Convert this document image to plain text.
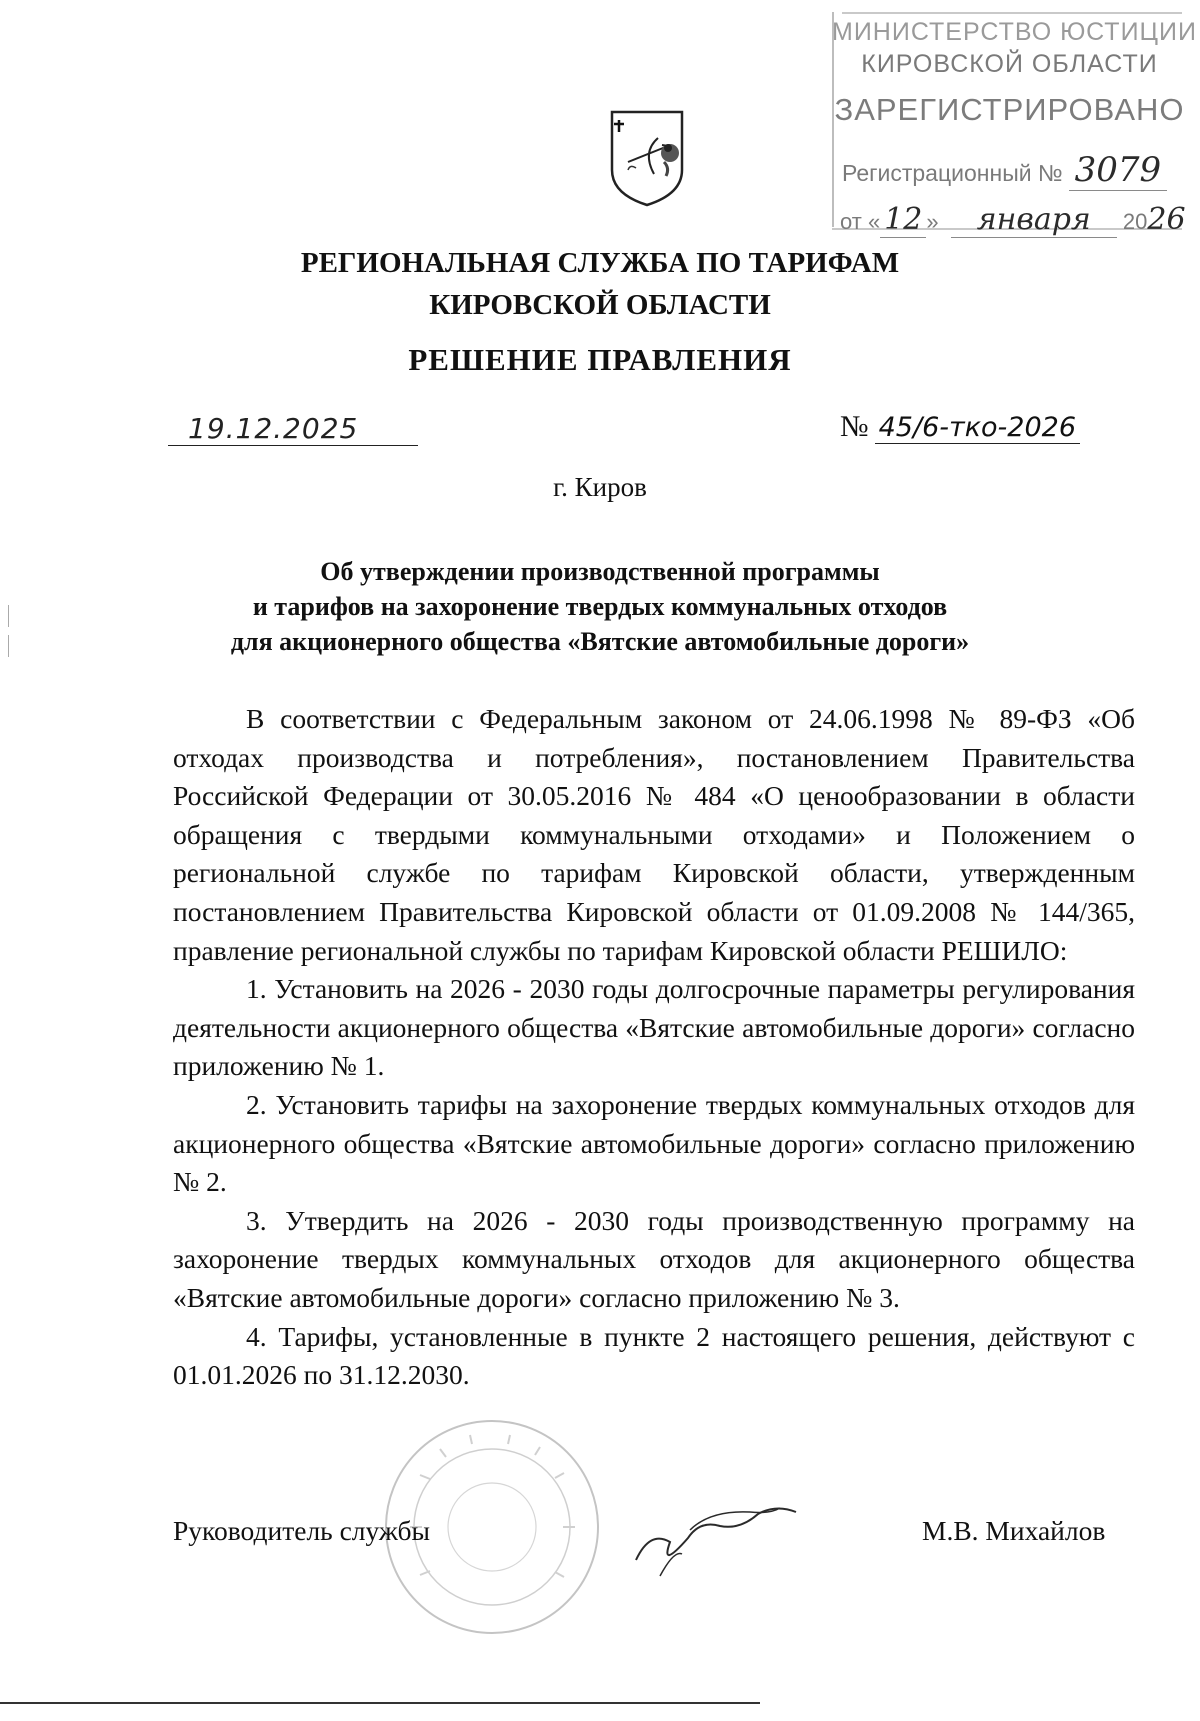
МИНИСТЕРСТВО ЮСТИЦИИ
КИРОВСКОЙ ОБЛАСТИ
ЗАРЕГИСТРИРОВАНО
Регистрационный № 3079
от « 12 » января 2026
РЕГИОНАЛЬНАЯ СЛУЖБА ПО ТАРИФАМ
КИРОВСКОЙ ОБЛАСТИ
РЕШЕНИЕ ПРАВЛЕНИЯ
19.12.2025	№ 45/6-тко-2026
г. Киров
Об утверждении производственной программы
и тарифов на захоронение твердых коммунальных отходов
для акционерного общества «Вятские автомобильные дороги»

В соответствии с Федеральным законом от 24.06.1998 № 89-ФЗ «Об отходах производства и потребления», постановлением Правительства Российской Федерации от 30.05.2016 № 484 «О ценообразовании в области обращения с твердыми коммунальными отходами» и Положением о региональной службе по тарифам Кировской области, утвержденным постановлением Правительства Кировской области от 01.09.2008 № 144/365, правление региональной службы по тарифам Кировской области РЕШИЛО:

1. Установить на 2026 - 2030 годы долгосрочные параметры регулирования деятельности акционерного общества «Вятские автомобильные дороги» согласно приложению № 1.

2. Установить тарифы на захоронение твердых коммунальных отходов для акционерного общества «Вятские автомобильные дороги» согласно приложению № 2.

3. Утвердить на 2026 - 2030 годы производственную программу на захоронение твердых коммунальных отходов для акционерного общества «Вятские автомобильные дороги» согласно приложению № 3.

4. Тарифы, установленные в пункте 2 настоящего решения, действуют с 01.01.2026 по 31.12.2030.

Руководитель службы	М.В. Михайлов
